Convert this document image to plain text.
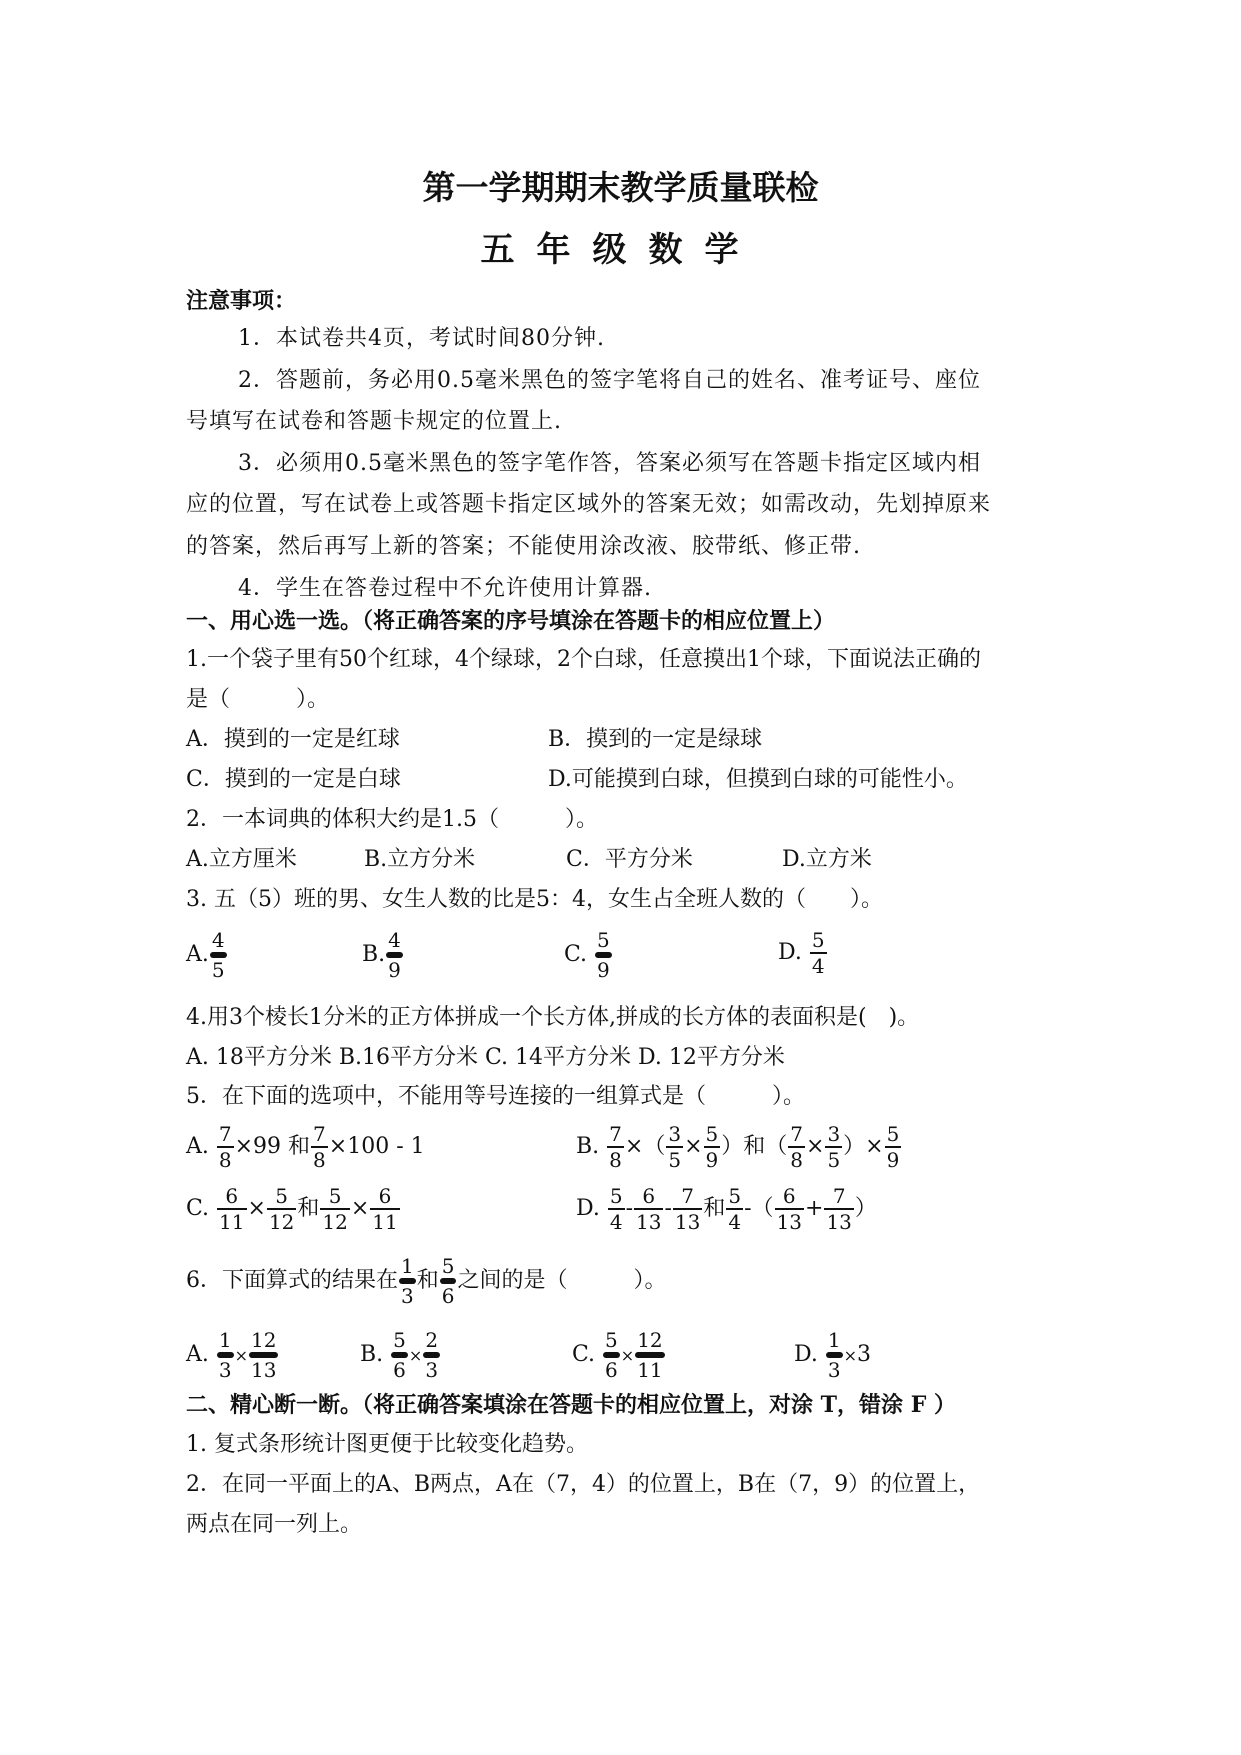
第一学期期末教学质量联检
五年级数学
注意事项：
1．本试卷共4页，考试时间80分钟.
2．答题前，务必用0.5毫米黑色的签字笔将自己的姓名、准考证号、座位
号填写在试卷和答题卡规定的位置上.
3．必须用0.5毫米黑色的签字笔作答，答案必须写在答题卡指定区域内相
应的位置，写在试卷上或答题卡指定区域外的答案无效；如需改动，先划掉原来
的答案，然后再写上新的答案；不能使用涂改液、胶带纸、修正带.
4．学生在答卷过程中不允许使用计算器.
一、用心选一选。（将正确答案的序号填涂在答题卡的相应位置上）
1.一个袋子里有50个红球，4个绿球，2个白球，任意摸出1个球，下面说法正确的
是（　　　）。
A．摸到的一定是红球	B．摸到的一定是绿球
C．摸到的一定是白球	D.可能摸到白球，但摸到白球的可能性小。
2．一本词典的体积大约是1.5（　　　）。
A.立方厘米	B.立方分米	C．平方分米	D.立方米
3. 五（5）班的男、女生人数的比是5：4，女生占全班人数的（　　）。
A.
4
5
B.
4
9
C.
5
9
D. $\frac{5}{4}$
4.用3个棱长1分米的正方体拼成一个长方体,拼成的长方体的表面积是(　)。
A. 18平方分米 B.16平方分米 C. 14平方分米 D. 12平方分米
5．在下面的选项中，不能用等号连接的一组算式是（　　　）。
A. $\frac{7}{8} \times 99$ 和 $\frac{7}{8} \times 100 - 1$	B. $\frac{7}{8}$ ×（ $\frac{3}{5} \times \frac{5}{9}$ ）和（ $\frac{7}{8} \times \frac{3}{5}$ ）× $\frac{5}{9}$
C. $\frac{6}{11} \times \frac{5}{12}$ 和 $\frac{5}{12} \times \frac{6}{11}$	D. $\frac{5}{4} - \frac{6}{13} - \frac{7}{13}$ 和 $\frac{5}{4}$ -（ $\frac{6}{13} + \frac{7}{13}$ ）
6．下面算式的结果在
1
3
和
5
6
之间的是（　　　）。
A.
1
3
×
12
13
B.
5
6
×
2
3
C.
5
6
×
12
11
D.
1
3
×3
二、精心断一断。（将正确答案填涂在答题卡的相应位置上，对涂 T，错涂 F ）
1. 复式条形统计图更便于比较变化趋势。
2．在同一平面上的A、B两点，A在（7，4）的位置上，B在（7，9）的位置上，
两点在同一列上。
